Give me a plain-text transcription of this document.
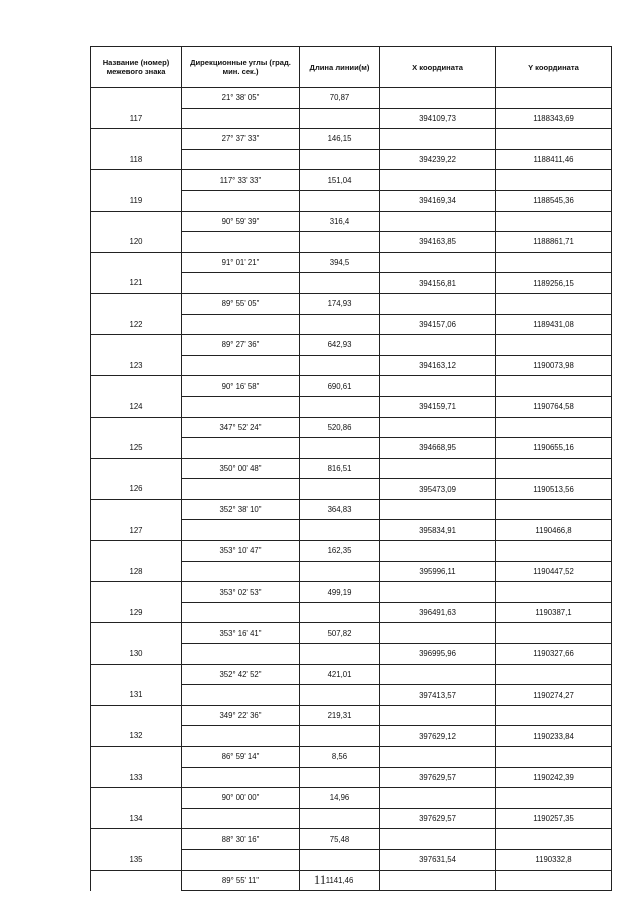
Название (номер) межевого знака	Дирекционные углы (град. мин. сек.)	Длина линии(м)	X координата	Y координата
	21° 38' 05"	70,87		
117			394109,73	1188343,69
	27° 37' 33"	146,15		
118			394239,22	1188411,46
	117° 33' 33"	151,04		
119			394169,34	1188545,36
	90° 59' 39"	316,4		
120			394163,85	1188861,71
	91° 01' 21"	394,5		
121			394156,81	1189256,15
	89° 55' 05"	174,93		
122			394157,06	1189431,08
	89° 27' 36"	642,93		
123			394163,12	1190073,98
	90° 16' 58"	690,61		
124			394159,71	1190764,58
	347° 52' 24"	520,86		
125			394668,95	1190655,16
	350° 00' 48"	816,51		
126			395473,09	1190513,56
	352° 38' 10"	364,83		
127			395834,91	1190466,8
	353° 10' 47"	162,35		
128			395996,11	1190447,52
	353° 02' 53"	499,19		
129			396491,63	1190387,1
	353° 16' 41"	507,82		
130			396995,96	1190327,66
	352° 42' 52"	421,01		
131			397413,57	1190274,27
	349° 22' 36"	219,31		
132			397629,12	1190233,84
	86° 59' 14"	8,56		
133			397629,57	1190242,39
	90° 00' 00"	14,96		
134			397629,57	1190257,35
	88° 30' 16"	75,48		
135			397631,54	1190332,8
	89° 55' 11"	1141,46		
11
